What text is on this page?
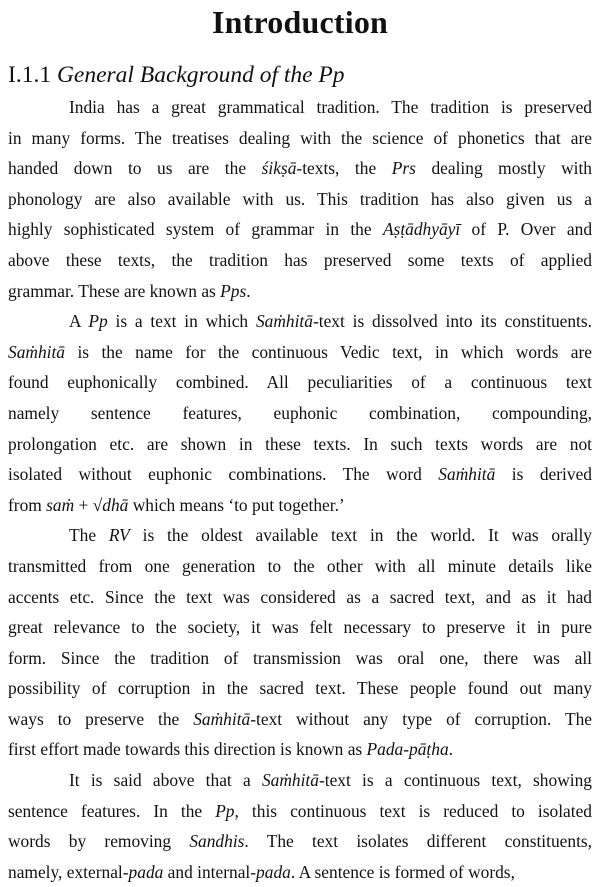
Introduction
I.1.1 General Background of the Pp
India has a great grammatical tradition. The tradition is preserved
in many forms. The treatises dealing with the science of phonetics that are
handed down to us are the śikṣā-texts, the Prs dealing mostly with
phonology are also available with us. This tradition has also given us a
highly sophisticated system of grammar in the Aṣṭādhyāyī of P. Over and
above these texts, the tradition has preserved some texts of applied
grammar. These are known as Pps.
A Pp is a text in which Saṁhitā-text is dissolved into its constituents.
Saṁhitā is the name for the continuous Vedic text, in which words are
found euphonically combined. All peculiarities of a continuous text
namely sentence features, euphonic combination, compounding,
prolongation etc. are shown in these texts. In such texts words are not
isolated without euphonic combinations. The word Saṁhitā is derived
from saṁ + √dhā which means ‘to put together.’
The RV is the oldest available text in the world. It was orally
transmitted from one generation to the other with all minute details like
accents etc. Since the text was considered as a sacred text, and as it had
great relevance to the society, it was felt necessary to preserve it in pure
form. Since the tradition of transmission was oral one, there was all
possibility of corruption in the sacred text. These people found out many
ways to preserve the Saṁhitā-text without any type of corruption. The
first effort made towards this direction is known as Pada-pāṭha.
It is said above that a Saṁhitā-text is a continuous text, showing
sentence features. In the Pp, this continuous text is reduced to isolated
words by removing Sandhis. The text isolates different constituents,
namely, external-pada and internal-pada. A sentence is formed of words,
